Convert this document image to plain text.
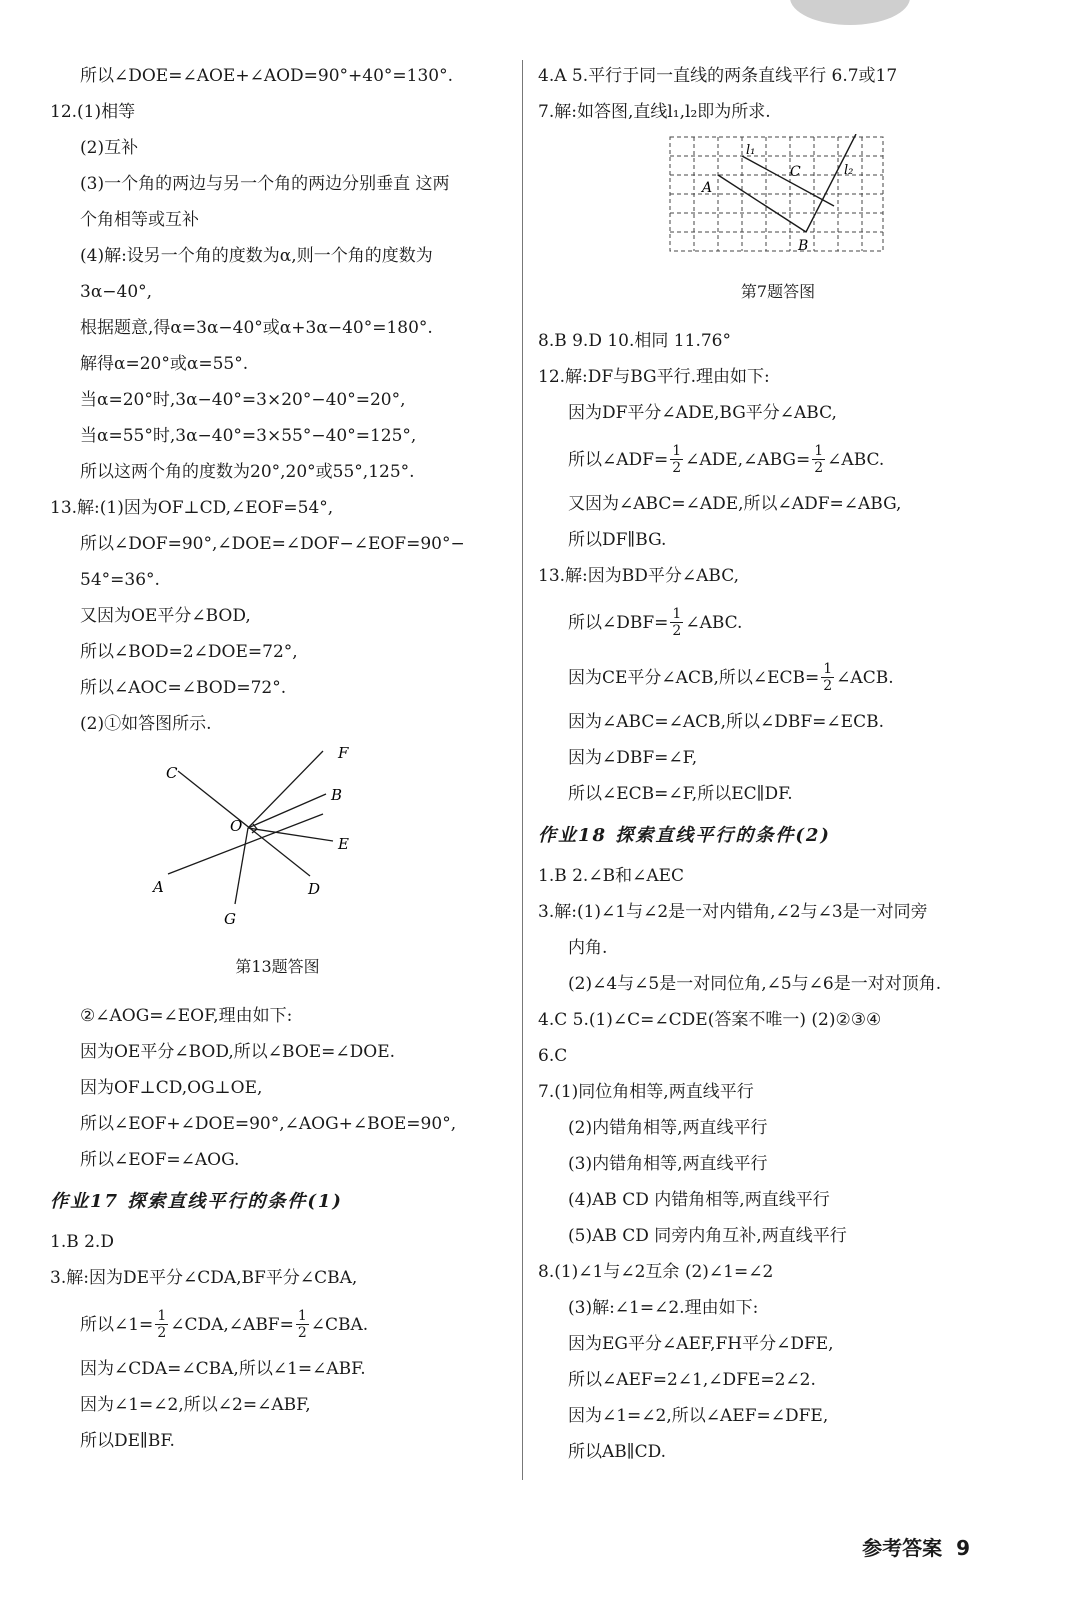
所以∠DOE=∠AOE+∠AOD=90°+40°=130°.

12.(1)相等

(2)互补

(3)一个角的两边与另一个角的两边分别垂直 这两

个角相等或互补

(4)解:设另一个角的度数为α,则一个角的度数为

3α−40°,

根据题意,得α=3α−40°或α+3α−40°=180°.

解得α=20°或α=55°.

当α=20°时,3α−40°=3×20°−40°=20°,

当α=55°时,3α−40°=3×55°−40°=125°,

所以这两个角的度数为20°,20°或55°,125°.

13.解:(1)因为OF⊥CD,∠EOF=54°,

所以∠DOF=90°,∠DOE=∠DOF−∠EOF=90°−

54°=36°.

又因为OE平分∠BOD,

所以∠BOD=2∠DOE=72°,

所以∠AOC=∠BOD=72°.

(2)①如答图所示.

F
C
B
O
E
A	D
G

第13题答图

②∠AOG=∠EOF,理由如下:

因为OE平分∠BOD,所以∠BOE=∠DOE.

因为OF⊥CD,OG⊥OE,

所以∠EOF+∠DOE=90°,∠AOG+∠BOE=90°,

所以∠EOF=∠AOG.

作业17 探索直线平行的条件(1)

1.B 2.D

3.解:因为DE平分∠CDA,BF平分∠CBA,

所以∠1= $\frac{1}{2}$ ∠CDA,∠ABF= $\frac{1}{2}$ ∠CBA.

因为∠CDA=∠CBA,所以∠1=∠ABF.

因为∠1=∠2,所以∠2=∠ABF,

所以DE∥BF.

4.A 5.平行于同一直线的两条直线平行 6.7或17

7.解:如答图,直线l₁,l₂即为所求.

l₁
C	l₂
A
B

第7题答图

8.B 9.D 10.相同 11.76°

12.解:DF与BG平行.理由如下:

因为DF平分∠ADE,BG平分∠ABC,

所以∠ADF= $\frac{1}{2}$ ∠ADE,∠ABG= $\frac{1}{2}$ ∠ABC.

又因为∠ABC=∠ADE,所以∠ADF=∠ABG,

所以DF∥BG.

13.解:因为BD平分∠ABC,

所以∠DBF= $\frac{1}{2}$ ∠ABC.

因为CE平分∠ACB,所以∠ECB= $\frac{1}{2}$ ∠ACB.

因为∠ABC=∠ACB,所以∠DBF=∠ECB.

因为∠DBF=∠F,

所以∠ECB=∠F,所以EC∥DF.

作业18 探索直线平行的条件(2)

1.B 2.∠B和∠AEC

3.解:(1)∠1与∠2是一对内错角,∠2与∠3是一对同旁

内角.

(2)∠4与∠5是一对同位角,∠5与∠6是一对对顶角.

4.C 5.(1)∠C=∠CDE(答案不唯一) (2)②③④

6.C

7.(1)同位角相等,两直线平行

(2)内错角相等,两直线平行

(3)内错角相等,两直线平行

(4)AB CD 内错角相等,两直线平行

(5)AB CD 同旁内角互补,两直线平行

8.(1)∠1与∠2互余 (2)∠1=∠2

(3)解:∠1=∠2.理由如下:

因为EG平分∠AEF,FH平分∠DFE,

所以∠AEF=2∠1,∠DFE=2∠2.

因为∠1=∠2,所以∠AEF=∠DFE,

所以AB∥CD.

参考答案 9
